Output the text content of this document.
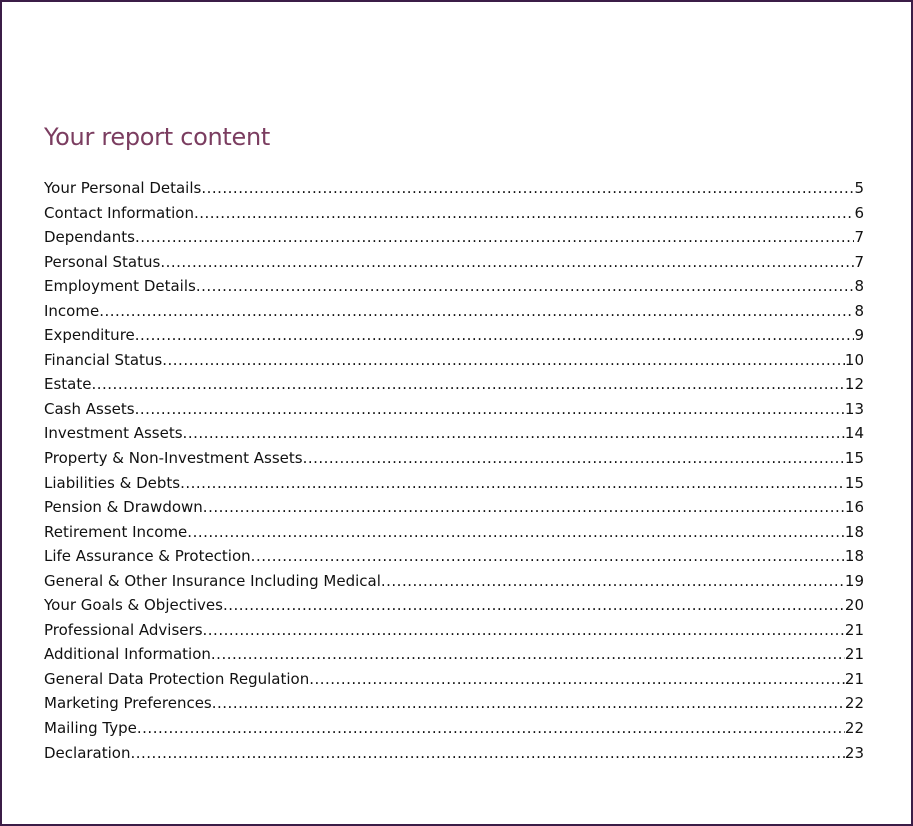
Your report content
Your Personal Details .....	5
Contact Information .....	6
Dependants .....	7
Personal Status .....	7
Employment Details .....	8
Income .....	8
Expenditure .....	9
Financial Status .....	10
Estate .....	12
Cash Assets .....	13
Investment Assets .....	14
Property & Non-Investment Assets .....	15
Liabilities & Debts .....	15
Pension & Drawdown .....	16
Retirement Income .....	18
Life Assurance & Protection .....	18
General & Other Insurance Including Medical .....	19
Your Goals & Objectives .....	20
Professional Advisers .....	21
Additional Information .....	21
General Data Protection Regulation .....	21
Marketing Preferences .....	22
Mailing Type .....	22
Declaration .....	23
